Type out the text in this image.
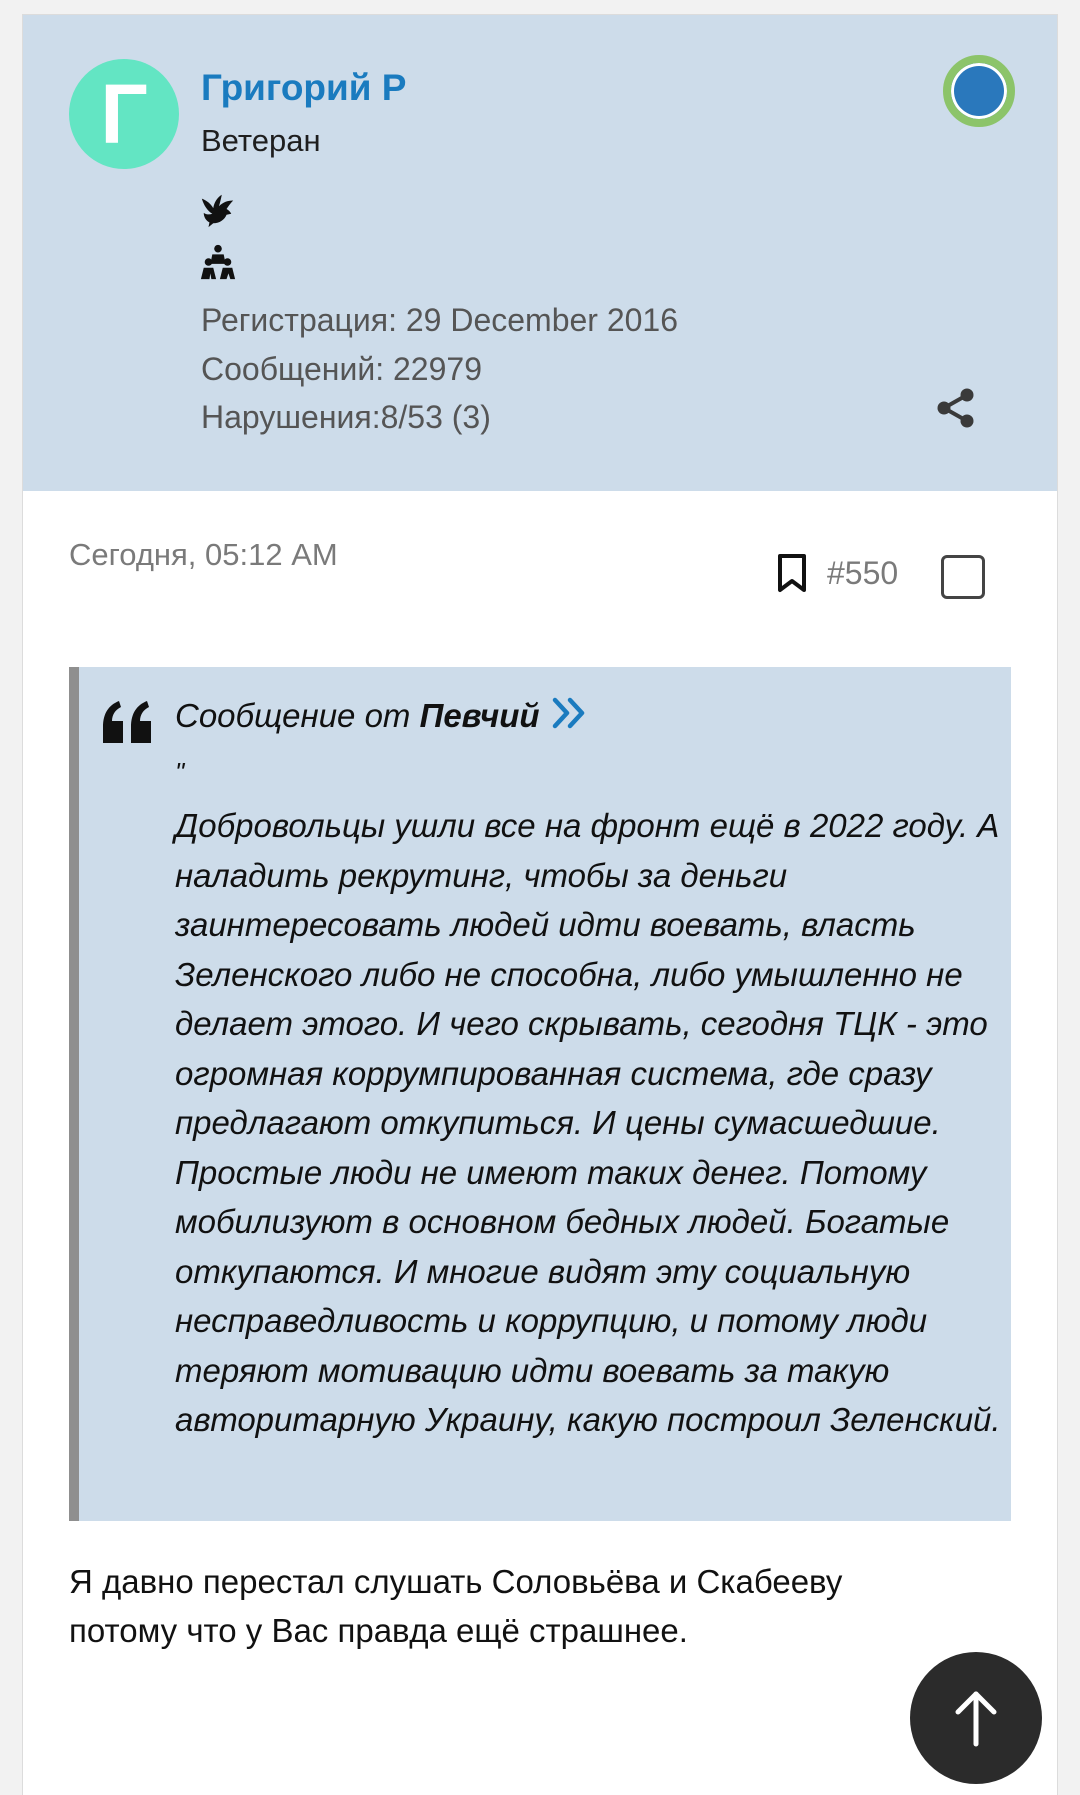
Г	Григорий Р
Ветеран
Регистрация: 29 December 2016
Сообщений: 22979
Нарушения:8/53 (3)
Сегодня, 05:12 AM
#550
Сообщение от Певчий
"
Добровольцы ушли все на фронт ещё в 2022 году. А наладить рекрутинг, чтобы за деньги заинтересовать людей идти воевать, власть Зеленского либо не способна, либо умышленно не делает этого. И чего скрывать, сегодня ТЦК - это огромная коррумпированная система, где сразу предлагают откупиться. И цены сумасшедшие. Простые люди не имеют таких денег. Потому мобилизуют в основном бедных людей. Богатые откупаются. И многие видят эту социальную несправедливость и коррупцию, и потому люди теряют мотивацию идти воевать за такую авторитарную Украину, какую построил Зеленский.
Я давно перестал слушать Соловьёва и Скабееву потому что у Вас правда ещё страшнее.
